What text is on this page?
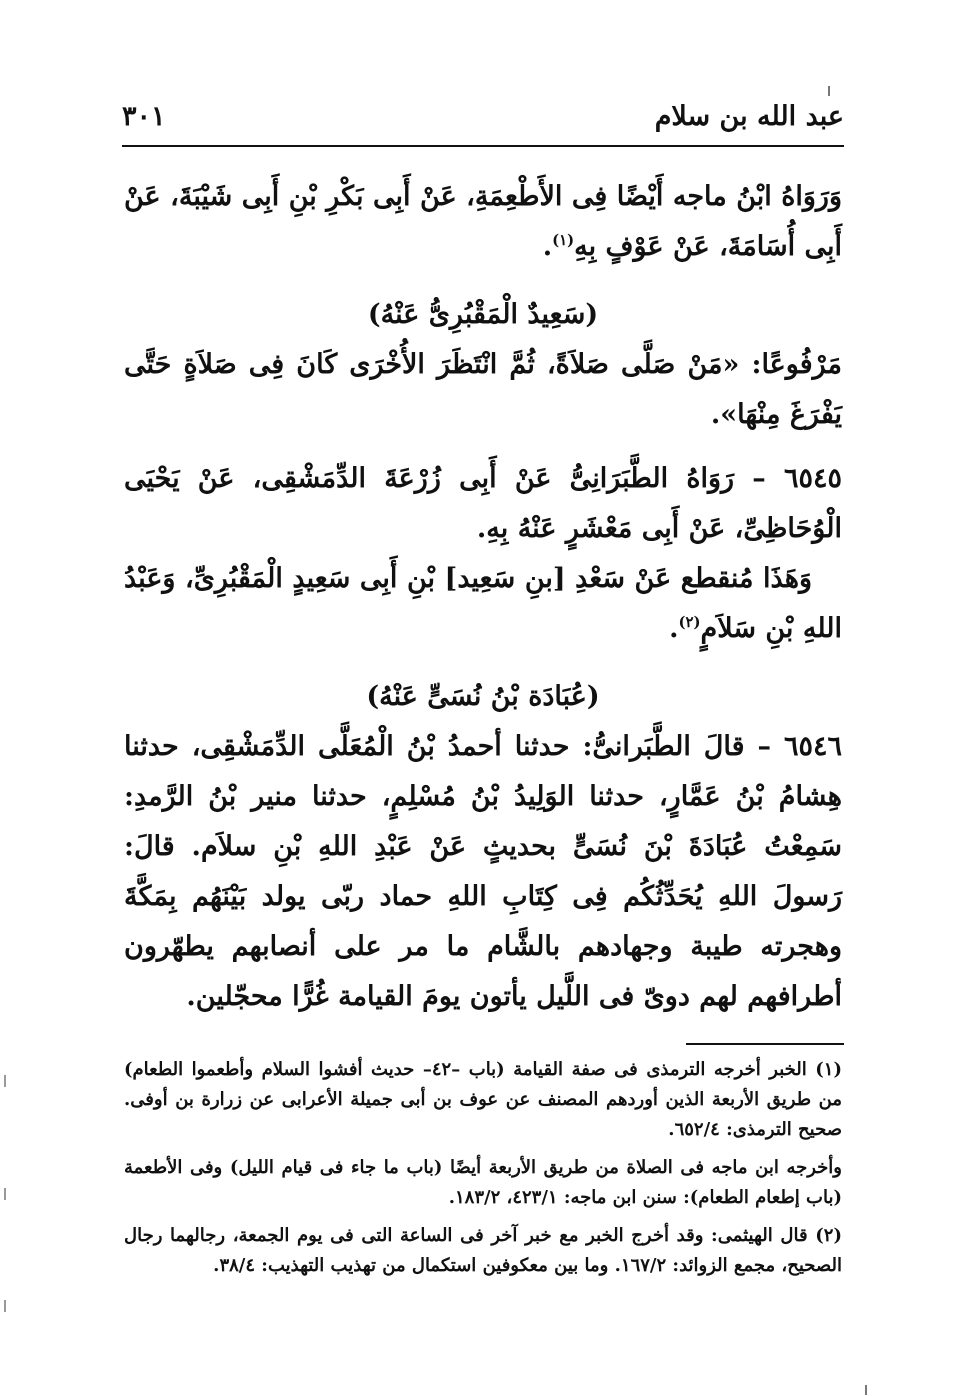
عبد الله بن سلام
٣٠١

وَرَوَاهُ ابْنُ ماجه أَيْضًا فِى الأَطْعِمَةِ، عَنْ أَبِى بَكْرِ بْنِ أَبِى شَيْبَةَ، عَنْ أَبِى أُسَامَةَ، عَنْ عَوْفٍ بِهِ$^{(١)}$.

(سَعِيدٌ الْمَقْبُرِىُّ عَنْهُ)

مَرْفُوعًا: «مَنْ صَلَّى صَلاَةً، ثُمَّ انْتَظَرَ الأُخْرَى كَانَ فِى صَلاَةٍ حَتَّى يَفْرَغَ مِنْهَا».

٦٥٤٥ – رَوَاهُ الطَّبَرَانِىُّ عَنْ أَبِى زُرْعَةَ الدِّمَشْقِى، عَنْ يَحْيَى الْوُحَاظِىِّ، عَنْ أَبِى مَعْشَرٍ عَنْهُ بِهِ.

وَهَذَا مُنقطع عَنْ سَعْدِ [بنِ سَعِيد] بْنِ أَبِى سَعِيدٍ الْمَقْبُرِىِّ، وَعَبْدُ اللهِ بْنِ سَلاَمٍ$^{(٢)}$.

(عُبَادَة بْنُ نُسَىٍّ عَنْهُ)

٦٥٤٦ – قالَ الطَّبَرانىُّ: حدثنا أحمدُ بْنُ الْمُعَلَّى الدِّمَشْقِى، حدثنا هِشامُ بْنُ عَمَّارٍ، حدثنا الوَلِيدُ بْنُ مُسْلِمٍ، حدثنا منير بْنُ الرَّمدِ: سَمِعْتُ عُبَادَةَ بْنَ نُسَىٍّ بحديثٍ عَنْ عَبْدِ اللهِ بْنِ سلاَم. قالَ: رَسولَ اللهِ يُحَدِّثُكُم فِى كِتَابِ اللهِ حماد ربّى يولد بَيْنَهُم بِمَكَّةَ وهجرته طيبة وجهادهم بالشَّام ما مر على أنصابهم يطهّرون أطرافهم لهم دوىّ فى اللَّيل يأتون يومَ القيامة غُرًّا محجّلين.

(١) الخبر أخرجه الترمذى فى صفة القيامة (باب –٤٢– حديث أفشوا السلام وأطعموا الطعام) من طريق الأربعة الذين أوردهم المصنف عن عوف بن أبى جميلة الأعرابى عن زرارة بن أوفى. صحيح الترمذى: ٦٥٢/٤.

وأخرجه ابن ماجه فى الصلاة من طريق الأربعة أيضًا (باب ما جاء فى قيام الليل) وفى الأطعمة (باب إطعام الطعام): سنن ابن ماجه: ٤٢٣/١، ١٨٣/٢.

(٢) قال الهيثمى: وقد أخرج الخبر مع خبر آخر فى الساعة التى فى يوم الجمعة، رجالهما رجال الصحيح، مجمع الزوائد: ١٦٧/٢. وما بين معكوفين استكمال من تهذيب التهذيب: ٣٨/٤.
